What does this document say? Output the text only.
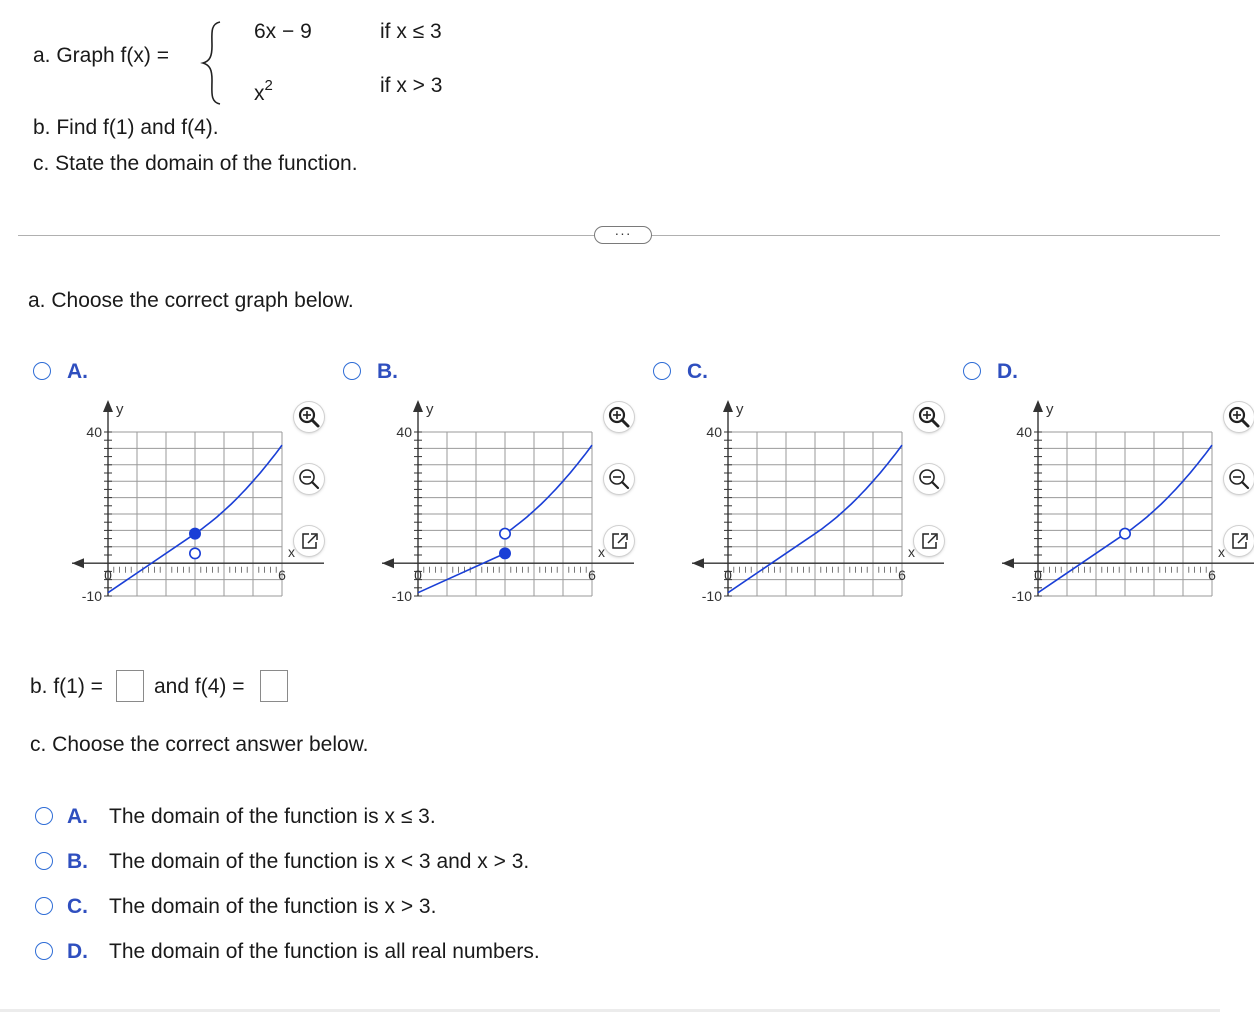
a. Graph f(x) =
6x − 9	if x ≤ 3
$x^2$	if x > 3
b. Find f(1) and f(4).
c. State the domain of the function.
···
a. Choose the correct graph below.
A.
y
x
40
-10
0	6
B.
y
x
40
-10
0	6
C.
y
x
40
-10
0	6
D.
y
x
40
-10
0	6
b. f(1) = and f(4) =
c. Choose the correct answer below.
A. The domain of the function is x ≤ 3.
B. The domain of the function is x < 3 and x > 3.
C. The domain of the function is x > 3.
D. The domain of the function is all real numbers.
